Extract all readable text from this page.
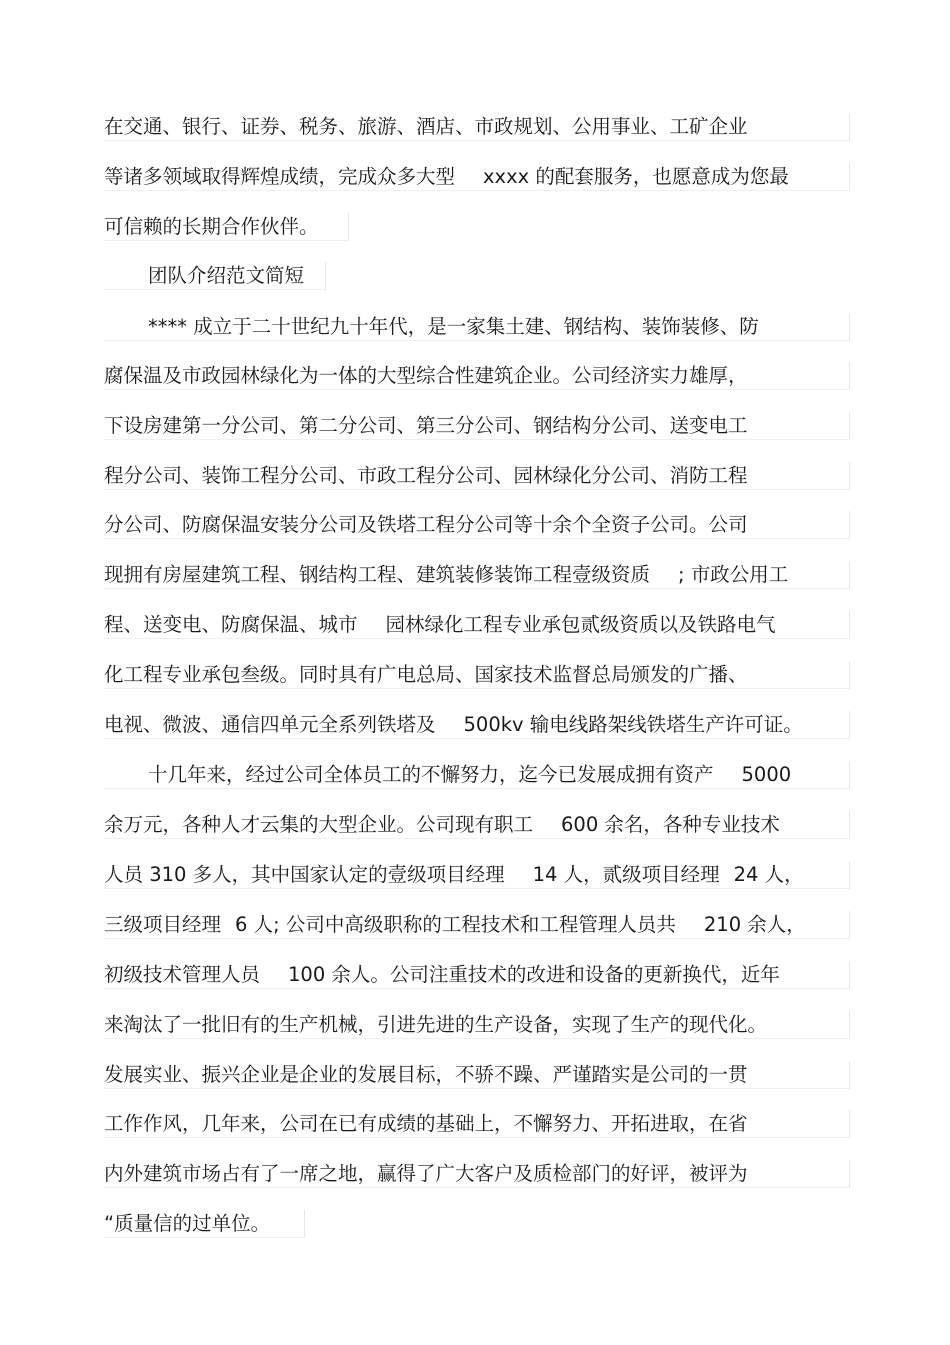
在交通、银行、证券、税务、旅游、酒店、市政规划、公用事业、工矿企业
等诸多领域取得辉煌成绩，完成众多大型 xxxx 的配套服务，也愿意成为您最
可信赖的长期合作伙伴。
团队介绍范文简短
**** 成立于二十世纪九十年代，是一家集土建、钢结构、装饰装修、防
腐保温及市政园林绿化为一体的大型综合性建筑企业。公司经济实力雄厚，
下设房建第一分公司、第二分公司、第三分公司、钢结构分公司、送变电工
程分公司、装饰工程分公司、市政工程分公司、园林绿化分公司、消防工程
分公司、防腐保温安装分公司及铁塔工程分公司等十余个全资子公司。公司
现拥有房屋建筑工程、钢结构工程、建筑装修装饰工程壹级资质 ; 市政公用工
程、送变电、防腐保温、城市 园林绿化工程专业承包贰级资质以及铁路电气
化工程专业承包叁级。同时具有广电总局、国家技术监督总局颁发的广播、
电视、微波、通信四单元全系列铁塔及 500kv 输电线路架线铁塔生产许可证。
十几年来，经过公司全体员工的不懈努力，迄今已发展成拥有资产 5000
余万元，各种人才云集的大型企业。公司现有职工 600 余名，各种专业技术
人员 310 多人，其中国家认定的壹级项目经理 14 人，贰级项目经理 24 人，
三级项目经理 6 人; 公司中高级职称的工程技术和工程管理人员共 210 余人，
初级技术管理人员 100 余人。公司注重技术的改进和设备的更新换代，近年
来淘汰了一批旧有的生产机械，引进先进的生产设备，实现了生产的现代化。
发展实业、振兴企业是企业的发展目标，不骄不躁、严谨踏实是公司的一贯
工作作风，几年来，公司在已有成绩的基础上，不懈努力、开拓进取，在省
内外建筑市场占有了一席之地，赢得了广大客户及质检部门的好评，被评为
“质量信的过单位。
